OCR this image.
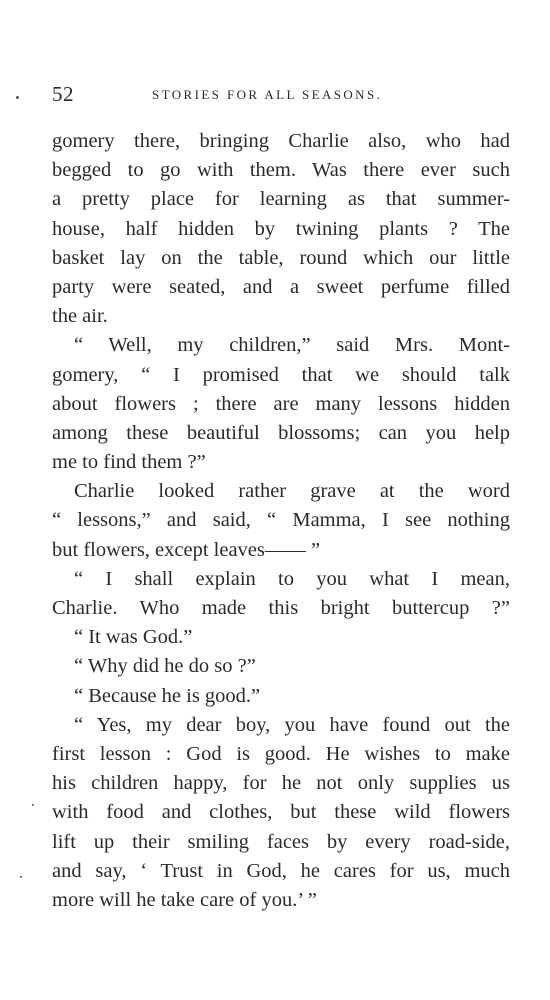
52	STORIES FOR ALL SEASONS.
gomery there, bringing Charlie also, who had
begged to go with them. Was there ever such
a pretty place for learning as that summer-
house, half hidden by twining plants ? The
basket lay on the table, round which our little
party were seated, and a sweet perfume filled
the air.
“ Well, my children,” said Mrs. Mont-
gomery, “ I promised that we should talk
about flowers ; there are many lessons hidden
among these beautiful blossoms; can you help
me to find them ?”
Charlie looked rather grave at the word
“ lessons,” and said, “ Mamma, I see nothing
but flowers, except leaves—— ”
“ I shall explain to you what I mean,
Charlie. Who made this bright buttercup ?”
“ It was God.”
“ Why did he do so ?”
“ Because he is good.”
“ Yes, my dear boy, you have found out the
first lesson : God is good. He wishes to make
his children happy, for he not only supplies us
with food and clothes, but these wild flowers
lift up their smiling faces by every road-side,
and say, ‘ Trust in God, he cares for us, much
more will he take care of you.’ ”
